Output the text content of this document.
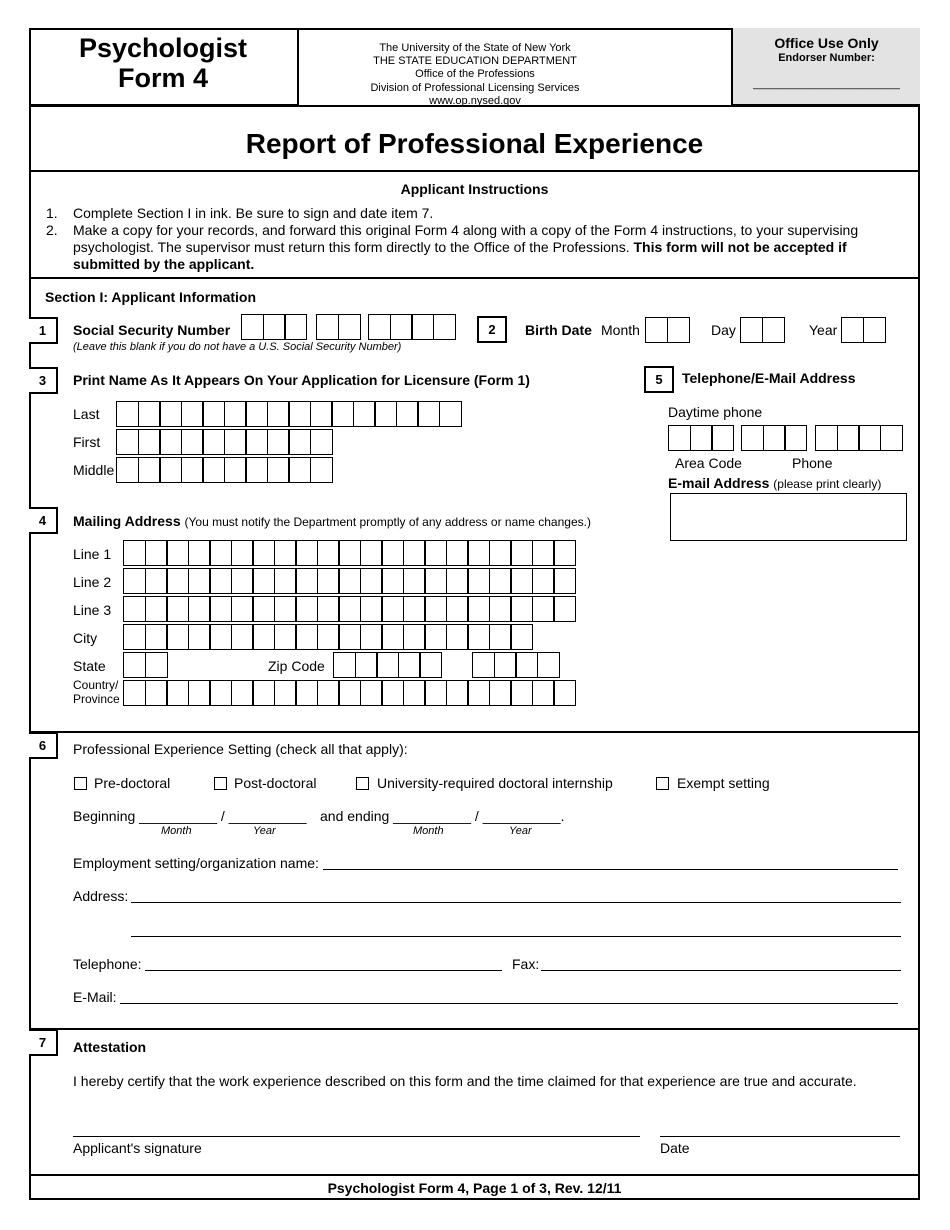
Psychologist
Form 4
The University of the State of New York
THE STATE EDUCATION DEPARTMENT
Office of the Professions
Division of Professional Licensing Services
www.op.nysed.gov
Office Use Only
Endorser Number:
________________________
Report of Professional Experience
Applicant Instructions
1. Complete Section I in ink. Be sure to sign and date item 7.
2. Make a copy for your records, and forward this original Form 4 along with a copy of the Form 4 instructions, to your supervising psychologist. The supervisor must return this form directly to the Office of the Professions. This form will not be accepted if submitted by the applicant.
Section I: Applicant Information
1	Social Security Number
(Leave this blank if you do not have a U.S. Social Security Number)
2	Birth Date Month	Day	Year
3	Print Name As It Appears On Your Application for Licensure (Form 1)
Last
First
Middle
5	Telephone/E-Mail Address
Daytime phone
Area Code	Phone
E-mail Address (please print clearly)
4	Mailing Address (You must notify the Department promptly of any address or name changes.)
Line 1
Line 2
Line 3
City
State	Zip Code
Country/
Province
6	Professional Experience Setting (check all that apply):
Pre-doctoral	Post-doctoral	University-required doctoral internship	Exempt setting
Beginning __________ / __________ and ending __________ / __________.
Month	Year	Month	Year
Employment setting/organization name:
Address:
Telephone:	Fax:
E-Mail:
7	Attestation
I hereby certify that the work experience described on this form and the time claimed for that experience are true and accurate.
Applicant's signature	Date
Psychologist Form 4, Page 1 of 3, Rev. 12/11
